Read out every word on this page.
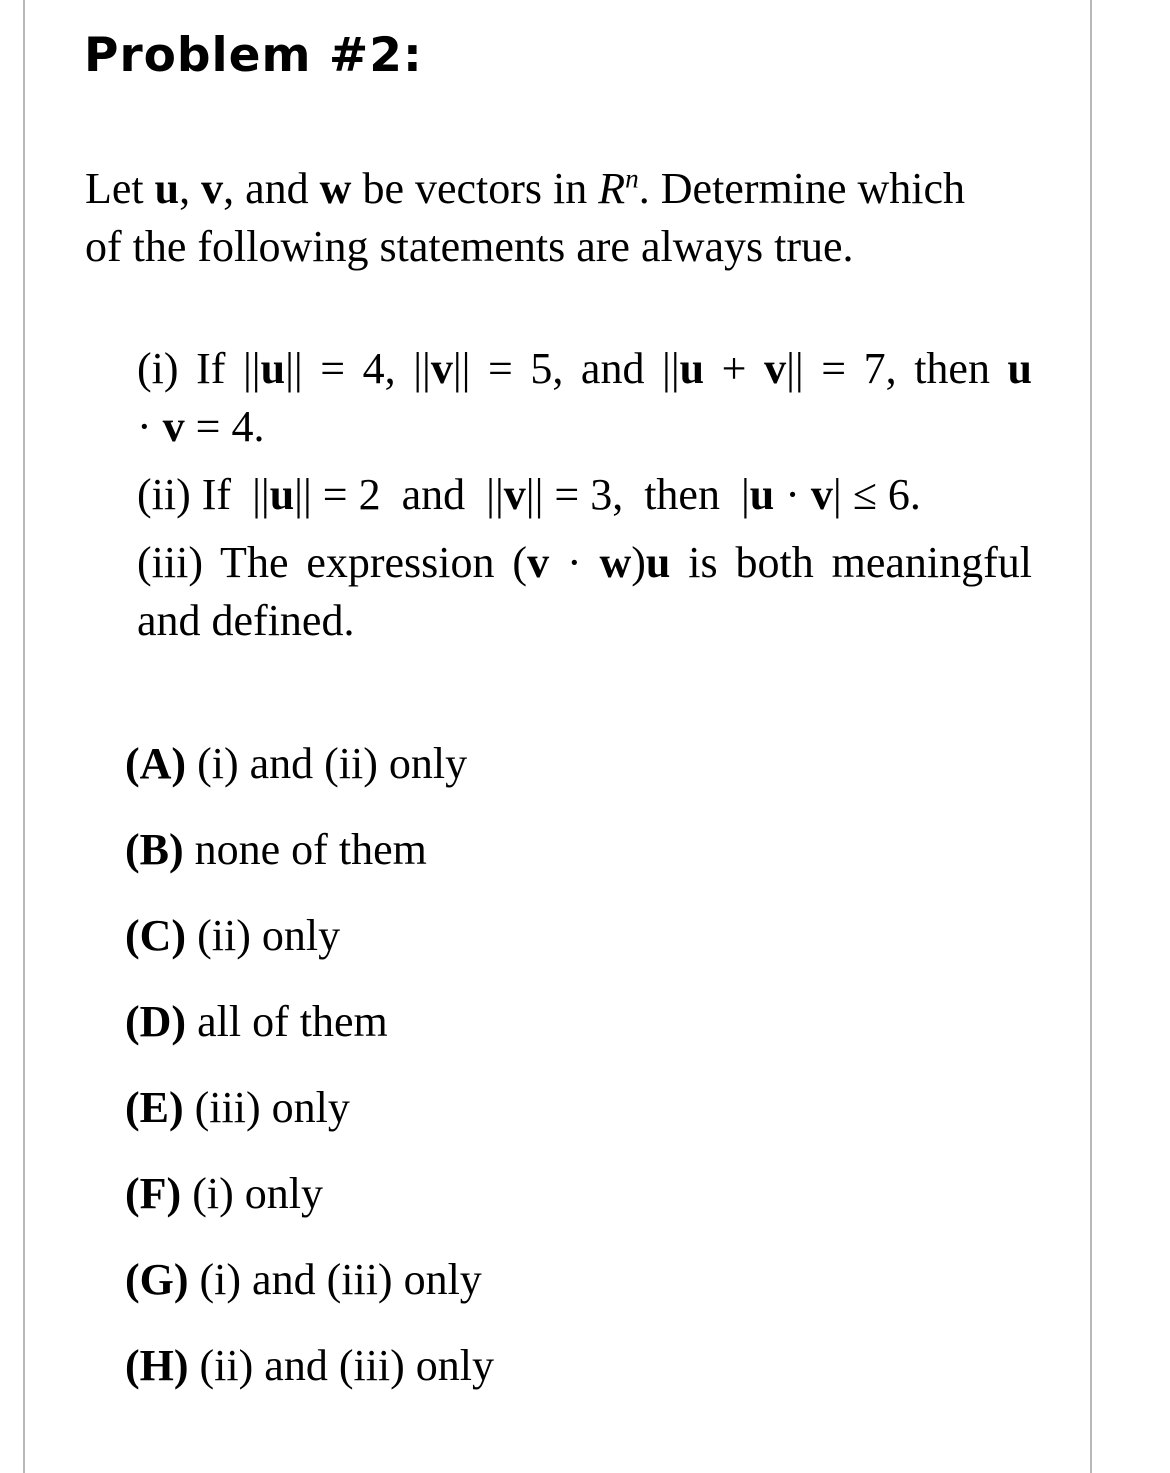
Problem #2:
Let u, v, and w be vectors in $R^n$. Determine which
of the following statements are always true.
(i) If ||u|| = 4, ||v|| = 5, and ||u + v|| = 7, then u
· v = 4.
(ii) If ||u|| = 2 and ||v|| = 3, then |u · v| ≤ 6.
(iii) The expression (v · w)u is both meaningful
and defined.
(A) (i) and (ii) only
(B) none of them
(C) (ii) only
(D) all of them
(E) (iii) only
(F) (i) only
(G) (i) and (iii) only
(H) (ii) and (iii) only
